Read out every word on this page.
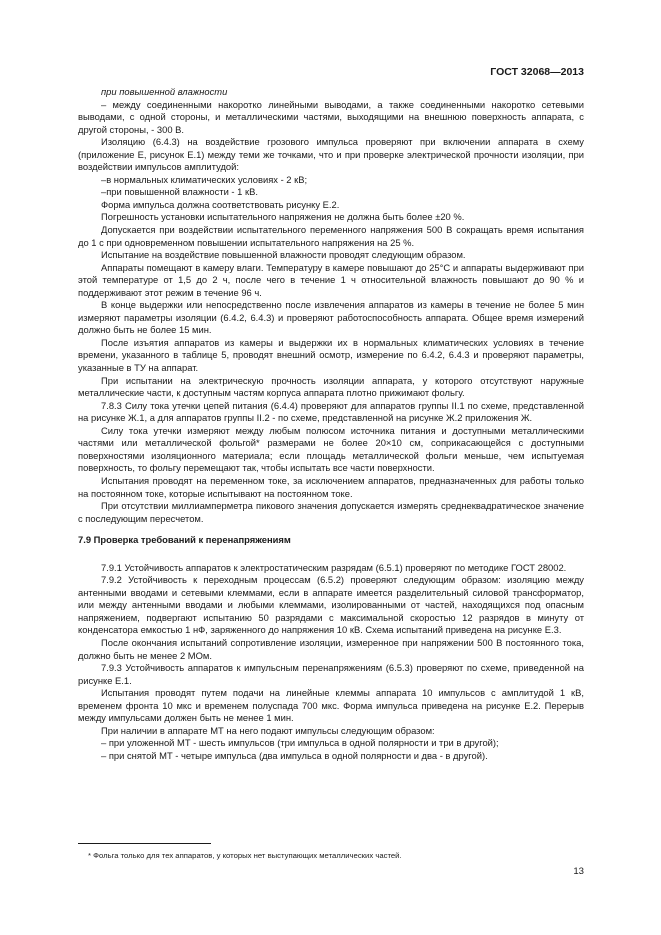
ГОСТ 32068—2013

при повышенной влажности

– между соединенными накоротко линейными выводами, а также соединенными накоротко сетевыми выводами, с одной стороны, и металлическими частями, выходящими на внешнюю поверхность аппарата, с другой стороны, - 300 В.

Изоляцию (6.4.3) на воздействие грозового импульса проверяют при включении аппарата в схему (приложение Е, рисунок Е.1) между теми же точками, что и при проверке электрической прочности изоляции, при воздействии импульсов амплитудой:

–в нормальных климатических условиях - 2 кВ;

–при повышенной влажности - 1 кВ.

Форма импульса должна соответствовать рисунку Е.2.

Погрешность установки испытательного напряжения не должна быть более ±20 %.

Допускается при воздействии испытательного переменного напряжения 500 В сокращать время испытания до 1 с при одновременном повышении испытательного напряжения на 25 %.

Испытание на воздействие повышенной влажности проводят следующим образом.

Аппараты помещают в камеру влаги. Температуру в камере повышают до 25°С и аппараты выдерживают при этой температуре от 1,5 до 2 ч, после чего в течение 1 ч относительной влажность повышают до 90 % и поддерживают этот режим в течение 96 ч.

В конце выдержки или непосредственно после извлечения аппаратов из камеры в течение не более 5 мин измеряют параметры изоляции (6.4.2, 6.4.3) и проверяют работоспособность аппарата. Общее время измерений должно быть не более 15 мин.

После изъятия аппаратов из камеры и выдержки их в нормальных климатических условиях в течение времени, указанного в таблице 5, проводят внешний осмотр, измерение по 6.4.2, 6.4.3 и проверяют параметры, указанные в ТУ на аппарат.

При испытании на электрическую прочность изоляции аппарата, у которого отсутствуют наружные металлические части, к доступным частям корпуса аппарата плотно прижимают фольгу.

7.8.3 Силу тока утечки цепей питания (6.4.4) проверяют для аппаратов группы II.1 по схеме, представленной на рисунке Ж.1, а для аппаратов группы II.2 - по схеме, представленной на рисунке Ж.2 приложения Ж.

Силу тока утечки измеряют между любым полюсом источника питания и доступными металлическими частями или металлической фольгой* размерами не более 20×10 см, соприкасающейся с доступными поверхностями изоляционного материала; если площадь металлической фольги меньше, чем испытуемая поверхность, то фольгу перемещают так, чтобы испытать все части поверхности.

Испытания проводят на переменном токе, за исключением аппаратов, предназначенных для работы только на постоянном токе, которые испытывают на постоянном токе.

При отсутствии миллиамперметра пикового значения допускается измерять среднеквадратическое значение с последующим пересчетом.

7.9 Проверка требований к перенапряжениям

7.9.1 Устойчивость аппаратов к электростатическим разрядам (6.5.1) проверяют по методике ГОСТ 28002.

7.9.2 Устойчивость к переходным процессам (6.5.2) проверяют следующим образом: изоляцию между антенными вводами и сетевыми клеммами, если в аппарате имеется разделительный силовой трансформатор, или между антенными вводами и любыми клеммами, изолированными от частей, находящихся под опасным напряжением, подвергают испытанию 50 разрядами с максимальной скоростью 12 разрядов в минуту от конденсатора емкостью 1 нФ, заряженного до напряжения 10 кВ. Схема испытаний приведена на рисунке Е.3.

После окончания испытаний сопротивление изоляции, измеренное при напряжении 500 В постоянного тока, должно быть не менее 2 МОм.

7.9.3 Устойчивость аппаратов к импульсным перенапряжениям (6.5.3) проверяют по схеме, приведенной на рисунке Е.1.

Испытания проводят путем подачи на линейные клеммы аппарата 10 импульсов с амплитудой 1 кВ, временем фронта 10 мкс и временем полуспада 700 мкс. Форма импульса приведена на рисунке Е.2. Перерыв между импульсами должен быть не менее 1 мин.

При наличии в аппарате МТ на него подают импульсы следующим образом:

– при уложенной МТ - шесть импульсов (три импульса в одной полярности и три в другой);

– при снятой МТ - четыре импульса (два импульса в одной полярности и два - в другой).

* Фольга только для тех аппаратов, у которых нет выступающих металлических частей.
13
